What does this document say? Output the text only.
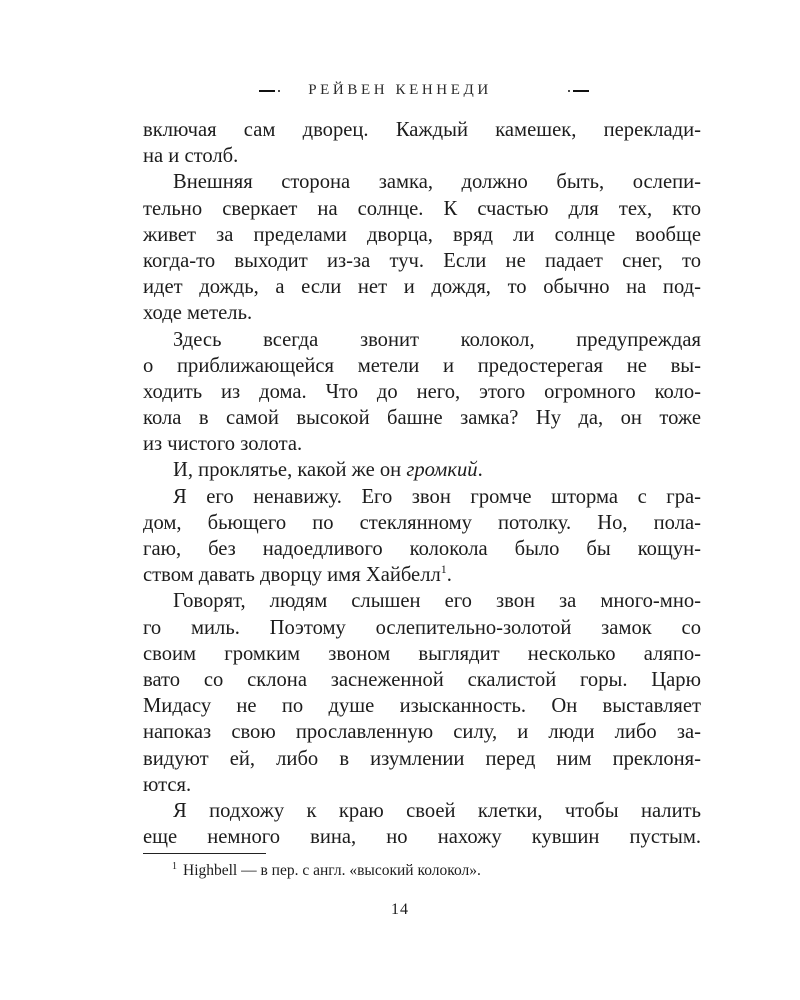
РЕЙВЕН КЕННЕДИ
включая сам дворец. Каждый камешек, переклади-
на и столб.
Внешняя сторона замка, должно быть, ослепи-
тельно сверкает на солнце. К счастью для тех, кто
живет за пределами дворца, вряд ли солнце вообще
когда-то выходит из-за туч. Если не падает снег, то
идет дождь, а если нет и дождя, то обычно на под-
ходе метель.
Здесь всегда звонит колокол, предупреждая
о приближающейся метели и предостерегая не вы-
ходить из дома. Что до него, этого огромного коло-
кола в самой высокой башне замка? Ну да, он тоже
из чистого золота.
И, проклятье, какой же он громкий.
Я его ненавижу. Его звон громче шторма с гра-
дом, бьющего по стеклянному потолку. Но, пола-
гаю, без надоедливого колокола было бы кощун-
ством давать дворцу имя Хайбелл$^1$.
Говорят, людям слышен его звон за много-мно-
го миль. Поэтому ослепительно-золотой замок со
своим громким звоном выглядит несколько аляпо-
вато со склона заснеженной скалистой горы. Царю
Мидасу не по душе изысканность. Он выставляет
напоказ свою прославленную силу, и люди либо за-
видуют ей, либо в изумлении перед ним преклоня-
ются.
Я подхожу к краю своей клетки, чтобы налить
еще немного вина, но нахожу кувшин пустым.
$^1$ Highbell — в пер. с англ. «высокий колокол».
14
